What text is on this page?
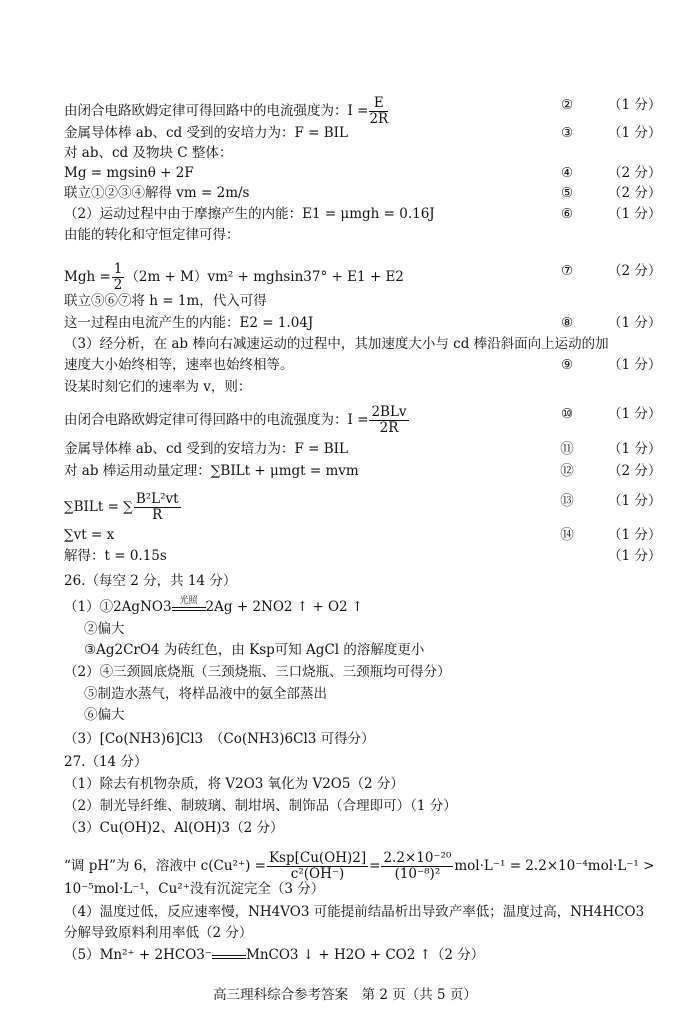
由闭合电路欧姆定律可得回路中的电流强度为：$I = \frac{E}{2R}$	②	（1 分）
金属导体棒 ab、cd 受到的安培力为：F = BIL	③	（1 分）
对 ab、cd 及物块 C 整体：
Mg = mgsinθ + 2F	④	（2 分）
联立①②③④解得 vm = 2m/s	⑤	（2 分）
（2）运动过程中由于摩擦产生的内能：E1 = μmgh = 0.16J	⑥	（1 分）
由能的转化和守恒定律可得：
Mgh = $\frac{1}{2} (2m + M)vm^2 + mghsin37^\circ + E1 + E2$	⑦	（2 分）
联立⑤⑥⑦将 h = 1m，代入可得
这一过程由电流产生的内能：E2 = 1.04J	⑧	（1 分）
（3）经分析，在 ab 棒向右减速运动的过程中，其加速度大小与 cd 棒沿斜面向上运动的加
速度大小始终相等，速率也始终相等。	⑨	（1 分）
设某时刻它们的速率为 v，则：
由闭合电路欧姆定律可得回路中的电流强度为：$I = \frac{\text{2BLv}}{2R}$	⑩	（1 分）
金属导体棒 ab、cd 受到的安培力为：F = BIL	⑪	（1 分）
对 ab 棒运用动量定理：∑BILt + μmgt = mvm	⑫	（2 分）
∑BILt = ∑ $\frac{\text{B²L²vt}}{R}$	⑬	（1 分）
∑vt = x	⑭	（1 分）
解得：t = 0.15s	（1 分）
26.（每空 2 分，共 14 分）
（1）①2AgNO3 光照 2Ag + 2NO2 ↑ + O2 ↑
②偏大
③Ag2CrO4 为砖红色，由 Ksp可知 AgCl 的溶解度更小
（2）④三颈圆底烧瓶（三颈烧瓶、三口烧瓶、三颈瓶均可得分）
⑤制造水蒸气，将样品液中的氨全部蒸出
⑥偏大
（3）[Co(NH3)6]Cl3　（Co(NH3)6Cl3 可得分）
27.（14 分）
（1）除去有机物杂质，将 V2O3 氧化为 V2O5（2 分）
（2）制光导纤维、制玻璃、制坩埚、制饰品（合理即可）（1 分）
（3）Cu(OH)2、Al(OH)3（2 分）
“调 pH”为 6，溶液中 $c(Cu^{2+}) = \frac{\text{Ksp[Cu(OH)2]}}{\text{c²(OH⁻)}} = \frac{\text{2.2×10⁻²⁰}}{\text{(10⁻⁸)²}} mol\cdot L^{-1} = 2.2\times 10^{-4}mol\cdot L^{-1}$ >
10⁻⁵mol·L⁻¹，Cu²⁺没有沉淀完全（3 分）
（4）温度过低，反应速率慢，NH4VO3 可能提前结晶析出导致产率低；温度过高，NH4HCO3
分解导致原料利用率低（2 分）
（5）Mn²⁺ + 2HCO3⁻	MnCO3 ↓ + H2O + CO2 ↑（2 分）
高三理科综合参考答案　第 2 页（共 5 页）
